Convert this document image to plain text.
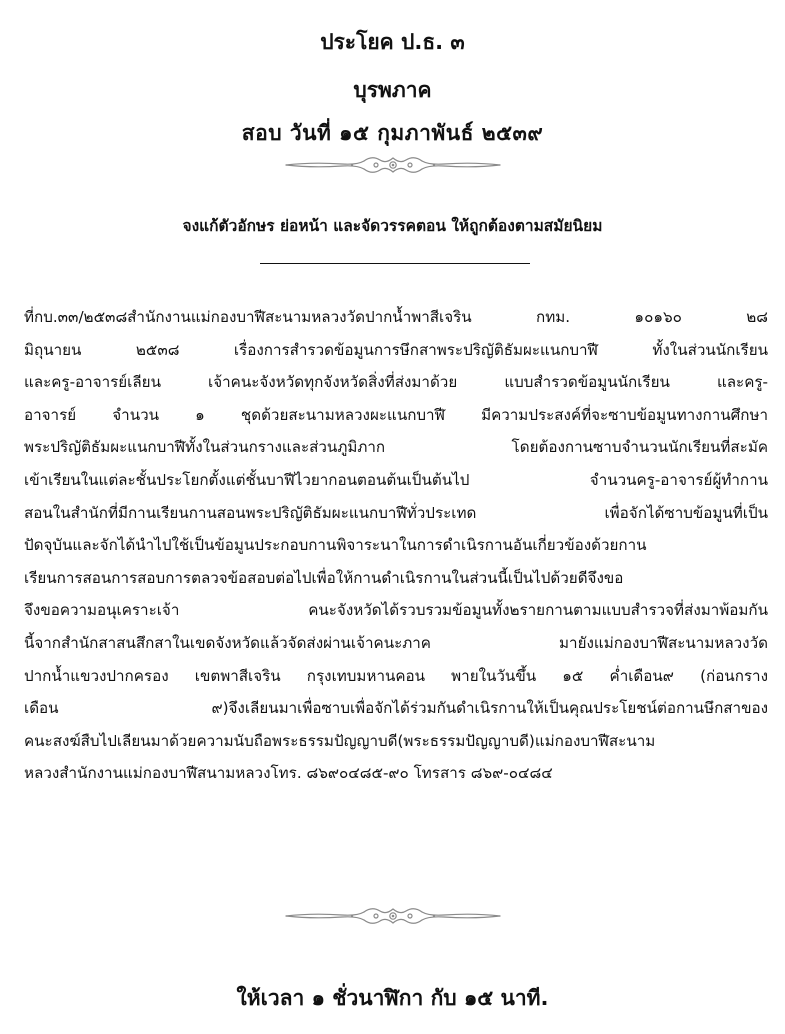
ประโยค ป.ธ. ๓
บุรพภาค
สอบ วันที่ ๑๕ กุมภาพันธ์ ๒๕๓๙
จงแก้ตัวอักษร ย่อหน้า และจัดวรรคตอน ให้ถูกต้องตามสมัยนิยม
ที่กบ.๓๓/๒๕๓๘สำนักงานแม่กองบาฬีสะนามหลวงวัดปากน้ำพาสีเจริน กทม. ๑๐๑๖๐ ๒๘
มิถุนายน ๒๕๓๘ เรื่องการสำรวดข้อมูนการษึกสาพระปริญัติธัมผะแนกบาฬี ทั้งในส่วนนักเรียน
และครู-อาจารย์เลียน เจ้าคนะจังหวัดทุกจังหวัดสิ่งที่ส่งมาด้วย แบบสำรวดข้อมูนนักเรียน และครู-
อาจารย์ จำนวน ๑ ชุดด้วยสะนามหลวงผะแนกบาฬี มีความประสงค์ที่จะซาบข้อมูนทางกานศึกษา
พระปริญัติธัมผะแนกบาฬีทั้งในส่วนกรางและส่วนภูมิภาก โดยต้องกานซาบจำนวนนักเรียนที่สะมัค
เข้าเรียนในแต่ละชั้นประโยกตั้งแต่ชั้นบาฬีไวยากอนตอนต้นเป็นต้นไป จำนวนครู-อาจารย์ผู้ทำกาน
สอนในสำนักที่มีกานเรียนกานสอนพระปริญัติธัมผะแนกบาฬีทั่วประเทด เพื่อจักได้ซาบข้อมูนที่เป็น
ปัดจุบันและจักได้นำไปใช้เป็นข้อมูนประกอบกานพิจาระนาในการดำเนิรกานอันเกี่ยวข้องด้วยกาน
เรียนการสอนการสอบการตลวจข้อสอบต่อไปเพื่อให้กานดำเนิรกานในส่วนนี้เป็นไปด้วยดีจึงขอ
จึงขอความอนุเคราะเจ้า คนะจังหวัดได้รวบรวมข้อมูนทั้ง๒รายกานตามแบบสำรวจที่ส่งมาพ้อมกัน
นี้จากสำนักสาสนสึกสาในเขดจังหวัดแล้วจัดส่งผ่านเจ้าคนะภาค มายังแม่กองบาฬีสะนามหลวงวัด
ปากน้ำแขวงปากครอง เขตพาสีเจริน กรุงเทบมหานคอน พายในวันขึ้น ๑๕ ค่ำเดือน๙ (ก่อนกราง
เดือน ๙)จึงเลียนมาเพื่อซาบเพื่อจักได้ร่วมกันดำเนิรกานให้เป็นคุณประโยชน์ต่อกานษึกสาของ
คนะสงฆ์สืบไปเลียนมาด้วยความนับถือพระธรรมปัญญาบดี(พระธรรมปัญญาบดี)แม่กองบาฬีสะนาม
หลวงสำนักงานแม่กองบาฬีสนามหลวงโทร. ๘๖๙๐๔๘๕-๙๐ โทรสาร ๘๖๙-๐๔๘๔
ให้เวลา ๑ ชั่วนาฬิกา กับ ๑๕ นาที.
